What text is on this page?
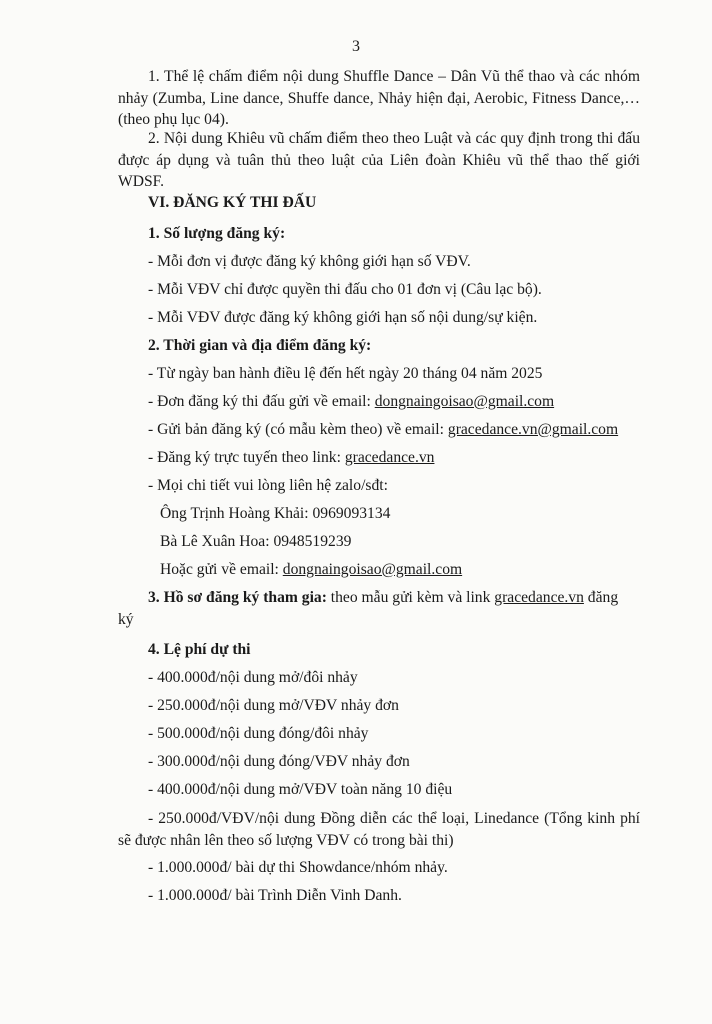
3
1. Thể lệ chấm điểm nội dung Shuffle Dance – Dân Vũ thể thao và các nhóm nhảy (Zumba, Line dance, Shuffe dance, Nhảy hiện đại, Aerobic, Fitness Dance,… (theo phụ lục 04).
2. Nội dung Khiêu vũ chấm điểm theo theo Luật và các quy định trong thi đấu được áp dụng và tuân thủ theo luật của Liên đoàn Khiêu vũ thể thao thế giới WDSF.
VI. ĐĂNG KÝ THI ĐẤU
1. Số lượng đăng ký:
- Mỗi đơn vị được đăng ký không giới hạn số VĐV.
- Mỗi VĐV chỉ được quyền thi đấu cho 01 đơn vị (Câu lạc bộ).
- Mỗi VĐV được đăng ký không giới hạn số nội dung/sự kiện.
2. Thời gian và địa điểm đăng ký:
- Từ ngày ban hành điều lệ đến hết ngày 20 tháng 04 năm 2025
- Đơn đăng ký thi đấu gửi về email: dongnaingoisao@gmail.com
- Gửi bản đăng ký (có mẫu kèm theo) về email: gracedance.vn@gmail.com
- Đăng ký trực tuyến theo link: gracedance.vn
- Mọi chi tiết vui lòng liên hệ zalo/sđt:
Ông Trịnh Hoàng Khải: 0969093134
Bà Lê Xuân Hoa: 0948519239
Hoặc gửi về email: dongnaingoisao@gmail.com
3. Hồ sơ đăng ký tham gia: theo mẫu gửi kèm và link gracedance.vn đăng
ký
4. Lệ phí dự thi
- 400.000đ/nội dung mở/đôi nhảy
- 250.000đ/nội dung mở/VĐV nhảy đơn
- 500.000đ/nội dung đóng/đôi nhảy
- 300.000đ/nội dung đóng/VĐV nhảy đơn
- 400.000đ/nội dung mở/VĐV toàn năng 10 điệu
- 250.000đ/VĐV/nội dung Đồng diễn các thể loại, Linedance (Tổng kinh phí sẽ được nhân lên theo số lượng VĐV có trong bài thi)
- 1.000.000đ/ bài dự thi Showdance/nhóm nhảy.
- 1.000.000đ/ bài Trình Diễn Vinh Danh.
